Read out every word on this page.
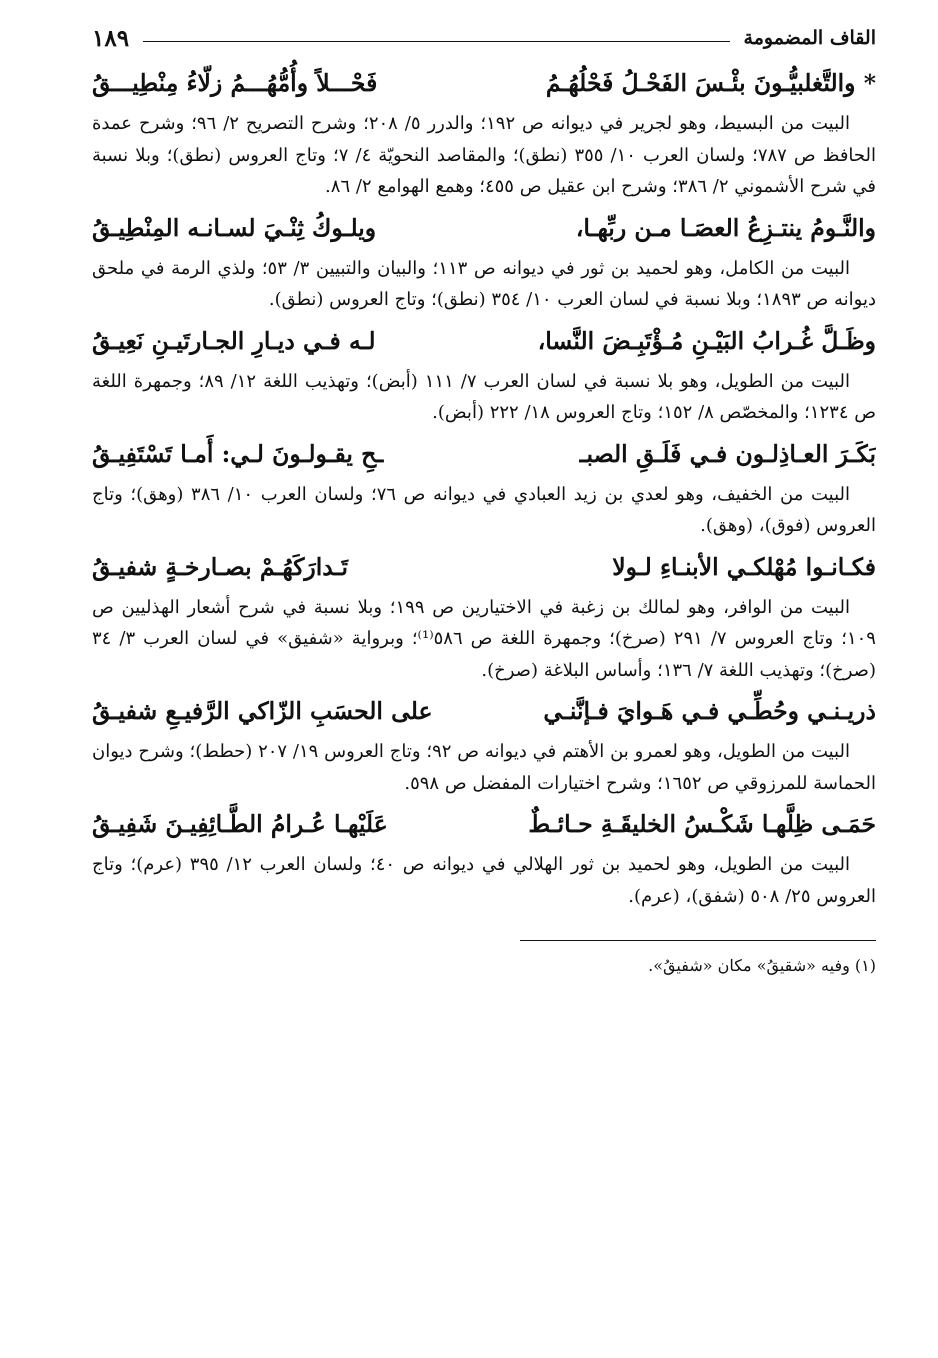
القاف المضمومة
١٨٩
* والتَّغلبيُّـونَ بئْـسَ الفَحْـلُ فَحْلُهُـمُ
فَحْـــلاً وأُمُّهُـــمُ زلّاءُ مِنْطِيـــقُ

البيت من البسيط، وهو لجرير في ديوانه ص ١٩٢؛ والدرر ٥/ ٢٠٨؛ وشرح التصريح ٢/ ٩٦؛ وشرح عمدة الحافظ ص ٧٨٧؛ ولسان العرب ١٠/ ٣٥٥ (نطق)؛ والمقاصد النحويّة ٤/ ٧؛ وتاج العروس (نطق)؛ وبلا نسبة في شرح الأشموني ٢/ ٣٨٦؛ وشرح ابن عقيل ص ٤٥٥؛ وهمع الهوامع ٢/ ٨٦.

والنَّـومُ ينتـزِعُ العصَـا مـن ربِّهـا،
ويلـوكُ ثِنْـيَ لسـانـه المِنْطِيـقُ

البيت من الكامل، وهو لحميد بن ثور في ديوانه ص ١١٣؛ والبيان والتبيين ٣/ ٥٣؛ ولذي الرمة في ملحق ديوانه ص ١٨٩٣؛ وبلا نسبة في لسان العرب ١٠/ ٣٥٤ (نطق)؛ وتاج العروس (نطق).

وظَـلَّ غُـرابُ البَيْـنِ مُـؤْتَبِـضَ النَّسا،
لـه فـي ديـارِ الجـارتَيـنِ نَعِيـقُ

البيت من الطويل، وهو بلا نسبة في لسان العرب ٧/ ١١١ (أبض)؛ وتهذيب اللغة ١٢/ ٨٩؛ وجمهرة اللغة ص ١٢٣٤؛ والمخصّص ٨/ ١٥٢؛ وتاج العروس ١٨/ ٢٢٢ (أبض).

بَكَـرَ العـاذِلـون فـي فَلَـقِ الصبـ
ـحِ يقـولـونَ لـي: أَمـا تَسْتَفِيـقُ

البيت من الخفيف، وهو لعدي بن زيد العبادي في ديوانه ص ٧٦؛ ولسان العرب ١٠/ ٣٨٦ (وهق)؛ وتاج العروس (فوق)، (وهق).

فكـانـوا مُهْلكـي الأبنـاءِ لـولا
تَـدارَكَهُـمْ بصـارخـةٍ شفيـقُ

البيت من الوافر، وهو لمالك بن زغبة في الاختيارين ص ١٩٩؛ وبلا نسبة في شرح أشعار الهذليين ص ١٠٩؛ وتاج العروس ٧/ ٢٩١ (صرخ)؛ وجمهرة اللغة ص ٥٨٦⁽¹⁾؛ وبرواية «شفيق» في لسان العرب ٣/ ٣٤ (صرخ)؛ وتهذيب اللغة ٧/ ١٣٦؛ وأساس البلاغة (صرخ).

ذريـنـي وحُطِّـي فـي هَـوايَ فـإنَّنـي
على الحسَبِ الزّاكي الرَّفيـعِ شفيـقُ

البيت من الطويل، وهو لعمرو بن الأهتم في ديوانه ص ٩٢؛ وتاج العروس ١٩/ ٢٠٧ (حطط)؛ وشرح ديوان الحماسة للمرزوقي ص ١٦٥٢؛ وشرح اختيارات المفضل ص ٥٩٨.

حَمَـى ظِلَّهـا شَكْـسُ الخليقَـةِ حـائـطٌ
عَلَيْهـا عُـرامُ الطَّـائِفِيـنَ شَفِيـقُ

البيت من الطويل، وهو لحميد بن ثور الهلالي في ديوانه ص ٤٠؛ ولسان العرب ١٢/ ٣٩٥ (عرم)؛ وتاج العروس ٢٥/ ٥٠٨ (شفق)، (عرم).

(١) وفيه «شقيقُ» مكان «شفيقُ».
